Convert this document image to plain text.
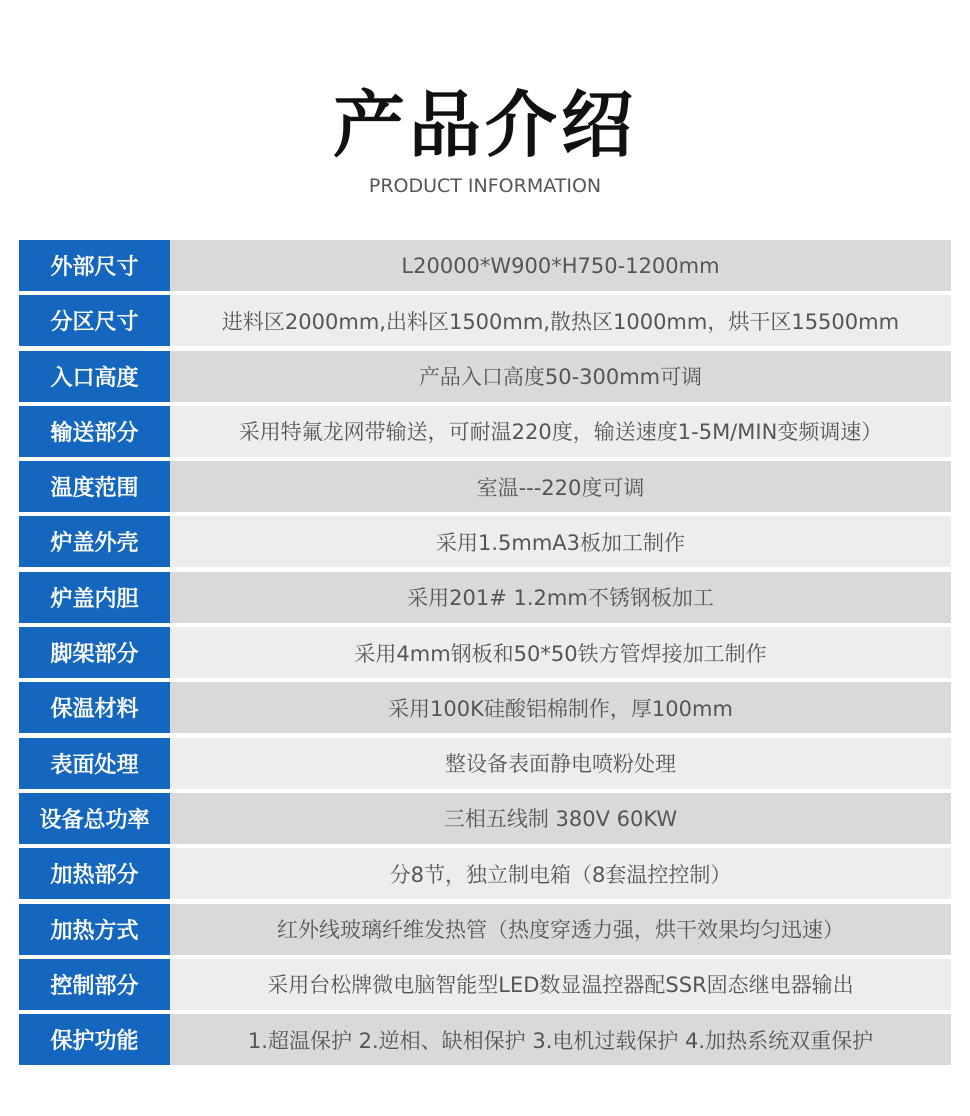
产品介绍
PRODUCT INFORMATION
外部尺寸	L20000*W900*H750-1200mm
分区尺寸	进料区2000mm,出料区1500mm,散热区1000mm，烘干区15500mm
入口高度	产品入口高度50-300mm可调
输送部分	采用特氟龙网带输送，可耐温220度，输送速度1-5M/MIN变频调速）
温度范围	室温---220度可调
炉盖外壳	采用1.5mmA3板加工制作
炉盖内胆	采用201# 1.2mm不锈钢板加工
脚架部分	采用4mm钢板和50*50铁方管焊接加工制作
保温材料	采用100K硅酸铝棉制作，厚100mm
表面处理	整设备表面静电喷粉处理
设备总功率	三相五线制 380V 60KW
加热部分	分8节，独立制电箱（8套温控控制）
加热方式	红外线玻璃纤维发热管（热度穿透力强，烘干效果均匀迅速）
控制部分	采用台松牌微电脑智能型LED数显温控器配SSR固态继电器输出
保护功能	1.超温保护 2.逆相、缺相保护 3.电机过载保护 4.加热系统双重保护
